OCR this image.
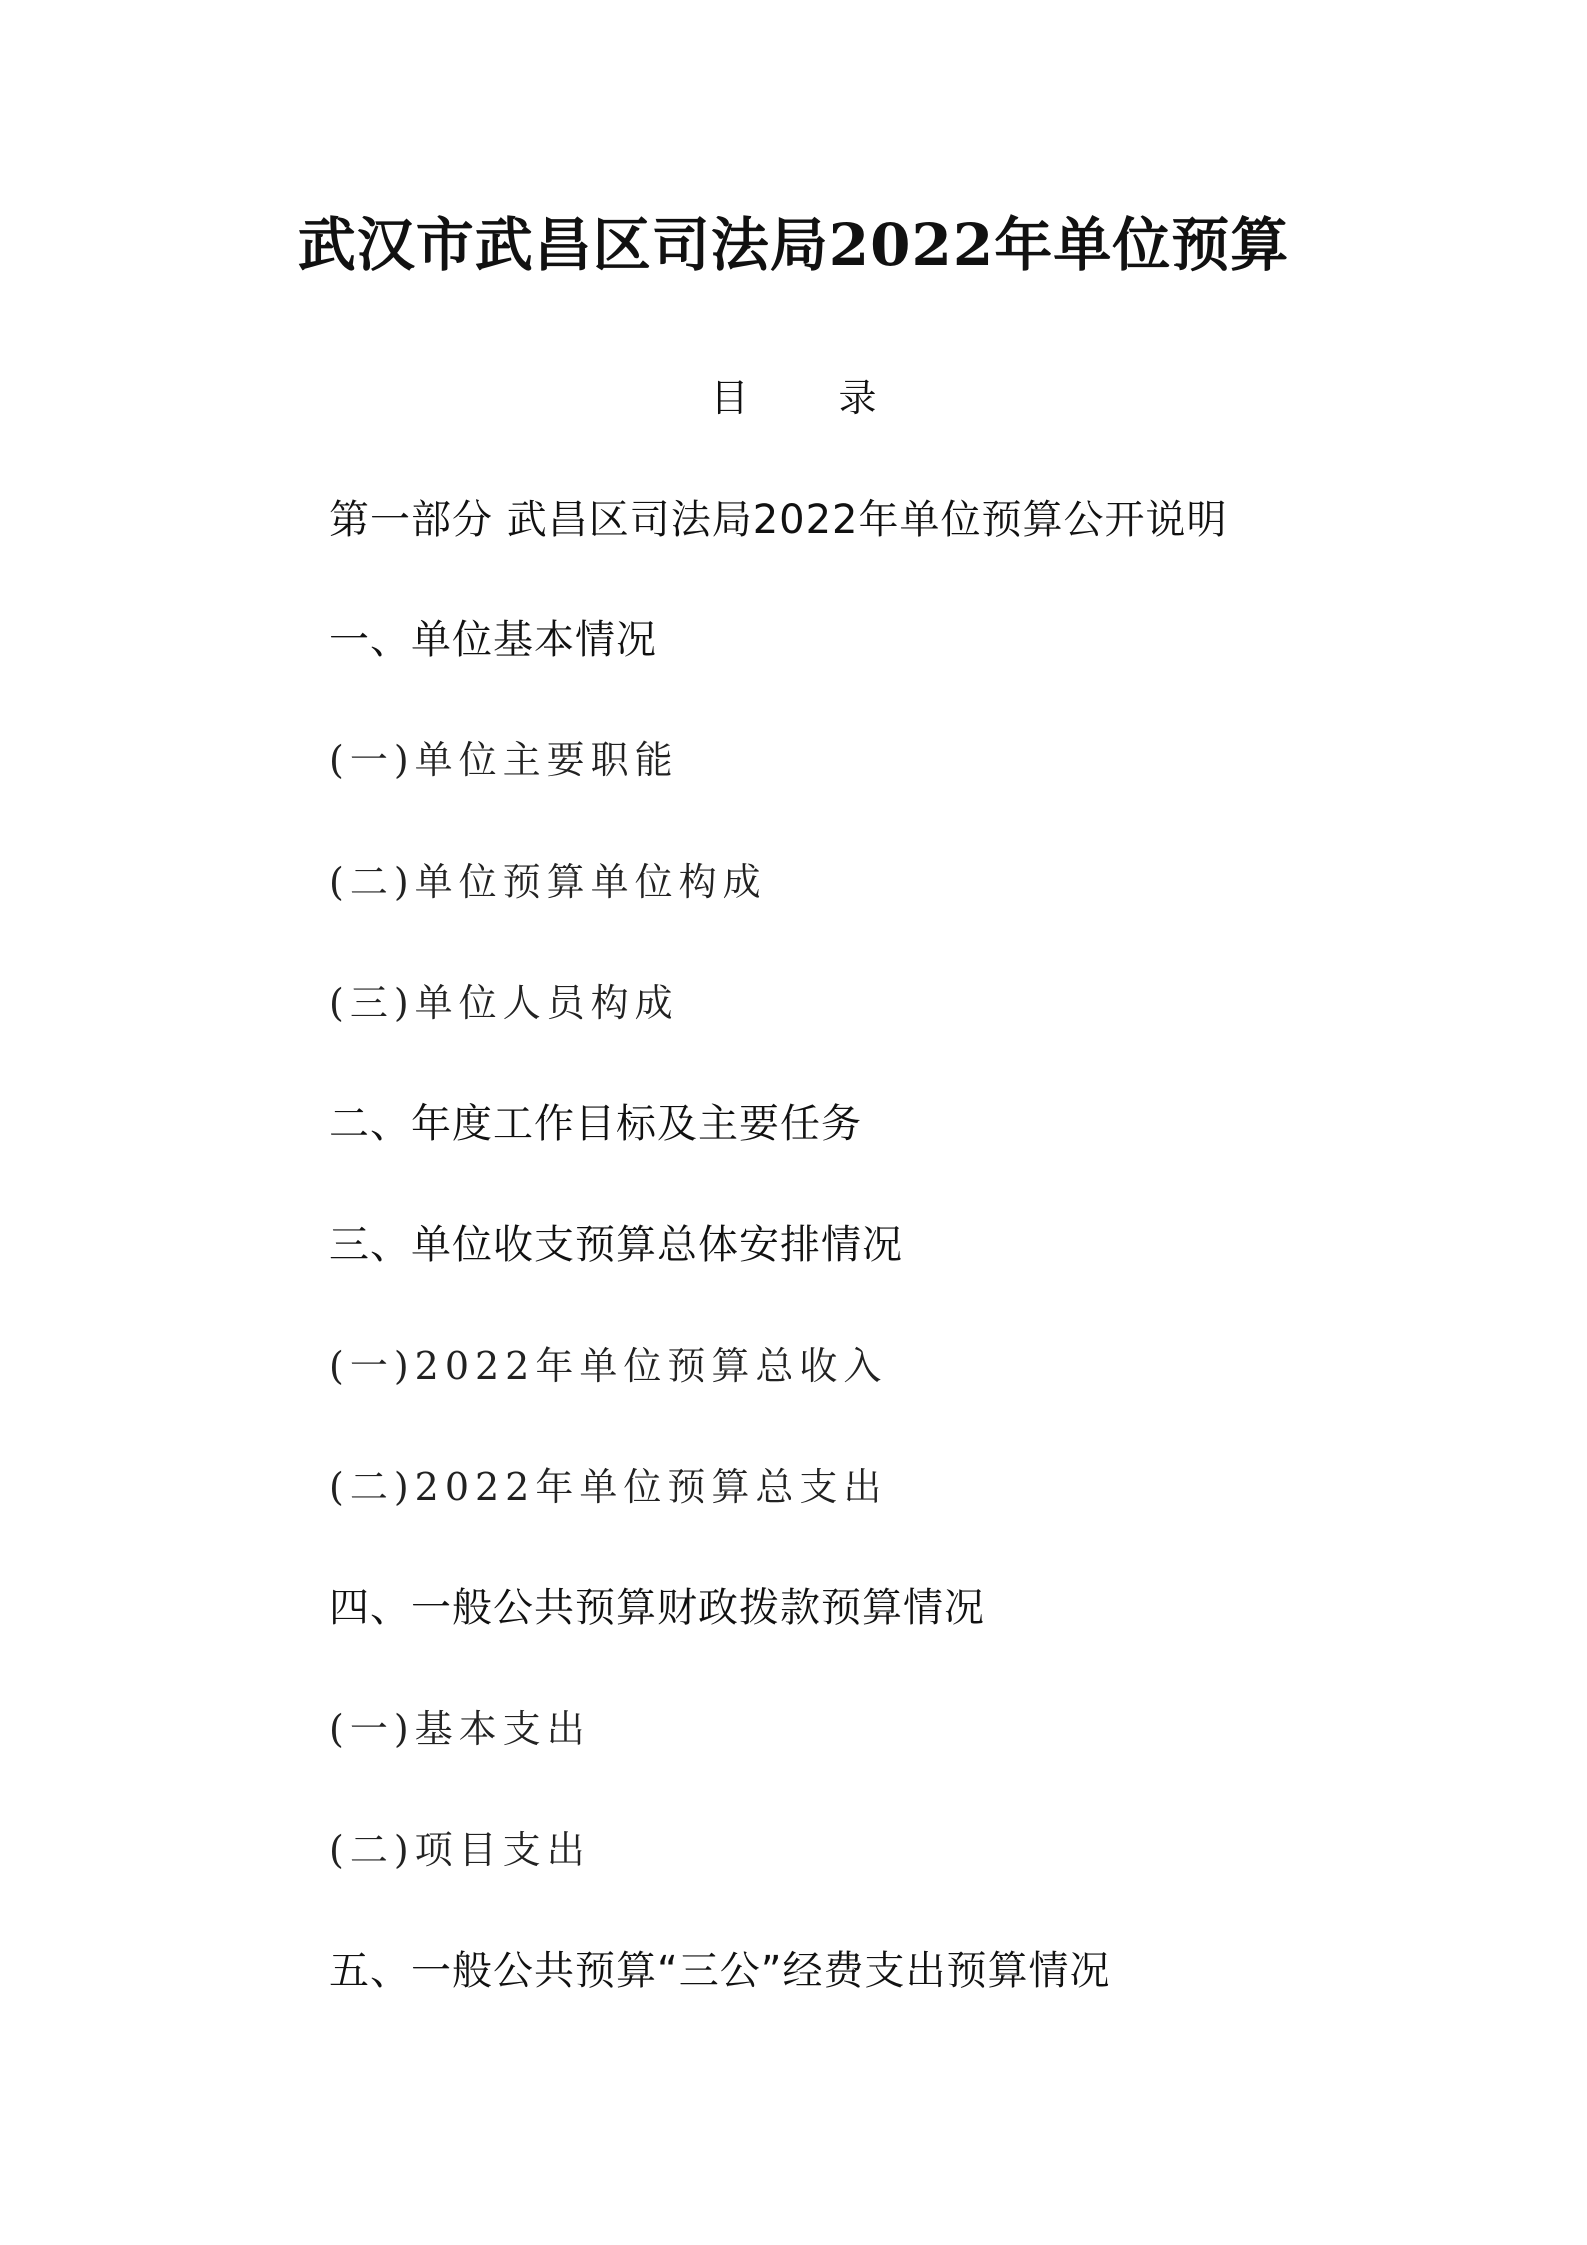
武汉市武昌区司法局2022年单位预算
目 录
第一部分 武昌区司法局2022年单位预算公开说明
一、单位基本情况
(一)单位主要职能
(二)单位预算单位构成
(三)单位人员构成
二、年度工作目标及主要任务
三、单位收支预算总体安排情况
(一)2022年单位预算总收入
(二)2022年单位预算总支出
四、一般公共预算财政拨款预算情况
(一)基本支出
(二)项目支出
五、一般公共预算“三公”经费支出预算情况
